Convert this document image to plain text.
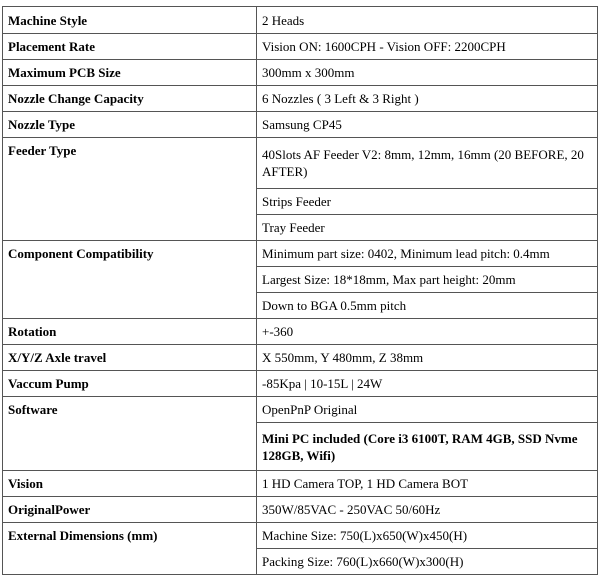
Machine Style	2 Heads
Placement Rate	Vision ON: 1600CPH - Vision OFF: 2200CPH
Maximum PCB Size	300mm x 300mm
Nozzle Change Capacity	6 Nozzles ( 3 Left & 3 Right )
Nozzle Type	Samsung CP45
Feeder Type	40Slots AF Feeder V2: 8mm, 12mm, 16mm (20 BEFORE, 20 AFTER)
	Strips Feeder
	Tray Feeder
Component Compatibility	Minimum part size: 0402, Minimum lead pitch: 0.4mm
	Largest Size: 18*18mm, Max part height: 20mm
	Down to BGA 0.5mm pitch
Rotation	+-360
X/Y/Z Axle travel	X 550mm, Y 480mm, Z 38mm
Vaccum Pump	-85Kpa | 10-15L | 24W
Software	OpenPnP Original
	Mini PC included (Core i3 6100T, RAM 4GB, SSD Nvme 128GB, Wifi)
Vision	1 HD Camera TOP, 1 HD Camera BOT
OriginalPower	350W/85VAC - 250VAC 50/60Hz
External Dimensions (mm)	Machine Size: 750(L)x650(W)x450(H)
	Packing Size: 760(L)x660(W)x300(H)
